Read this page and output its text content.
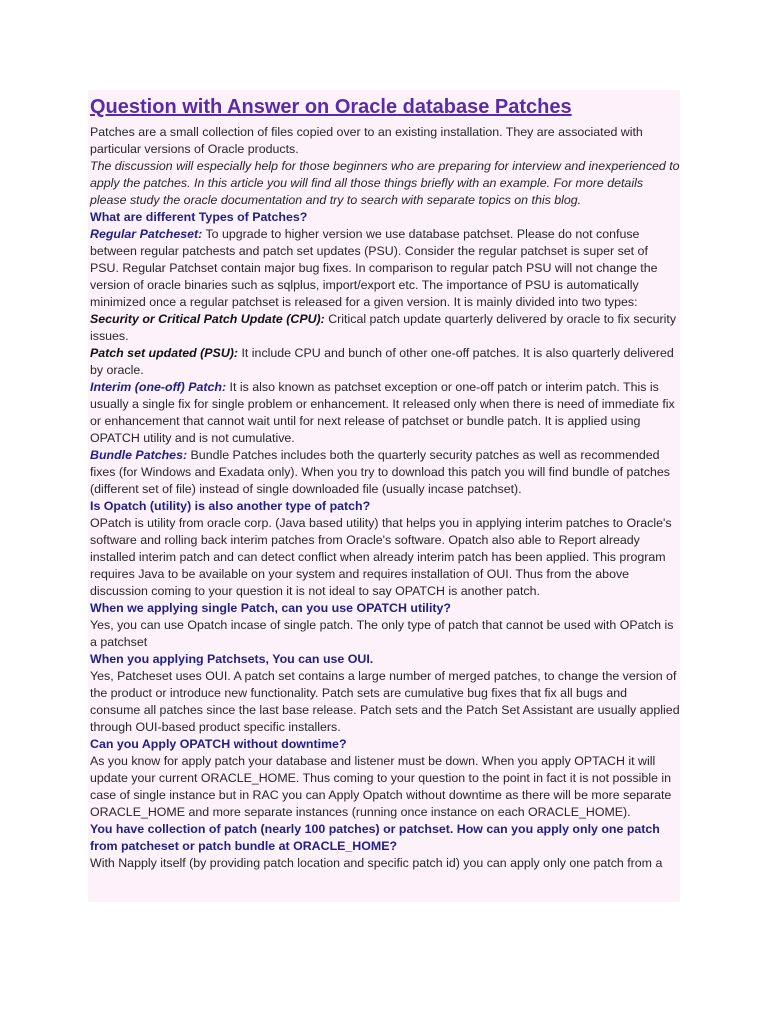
Question with Answer on Oracle database Patches

Patches are a small collection of files copied over to an existing installation. They are associated with particular versions of Oracle products.

The discussion will especially help for those beginners who are preparing for interview and inexperienced to apply the patches. In this article you will find all those things briefly with an example. For more details please study the oracle documentation and try to search with separate topics on this blog.

What are different Types of Patches?

Regular Patcheset: To upgrade to higher version we use database patchset. Please do not confuse between regular patchests and patch set updates (PSU). Consider the regular patchset is super set of PSU. Regular Patchset contain major bug fixes. In comparison to regular patch PSU will not change the version of oracle binaries such as sqlplus, import/export etc. The importance of PSU is automatically minimized once a regular patchset is released for a given version. It is mainly divided into two types:

Security or Critical Patch Update (CPU): Critical patch update quarterly delivered by oracle to fix security issues.

Patch set updated (PSU): It include CPU and bunch of other one-off patches. It is also quarterly delivered by oracle.

Interim (one-off) Patch: It is also known as patchset exception or one-off patch or interim patch. This is usually a single fix for single problem or enhancement. It released only when there is need of immediate fix or enhancement that cannot wait until for next release of patchset or bundle patch. It is applied using OPATCH utility and is not cumulative.

Bundle Patches: Bundle Patches includes both the quarterly security patches as well as recommended fixes (for Windows and Exadata only). When you try to download this patch you will find bundle of patches (different set of file) instead of single downloaded file (usually incase patchset).

Is Opatch (utility) is also another type of patch?

OPatch is utility from oracle corp. (Java based utility) that helps you in applying interim patches to Oracle's software and rolling back interim patches from Oracle's software. Opatch also able to Report already installed interim patch and can detect conflict when already interim patch has been applied. This program requires Java to be available on your system and requires installation of OUI. Thus from the above discussion coming to your question it is not ideal to say OPATCH is another patch.

When we applying single Patch, can you use OPATCH utility?

Yes, you can use Opatch incase of single patch. The only type of patch that cannot be used with OPatch is a patchset

When you applying Patchsets, You can use OUI.

Yes, Patcheset uses OUI. A patch set contains a large number of merged patches, to change the version of the product or introduce new functionality. Patch sets are cumulative bug fixes that fix all bugs and consume all patches since the last base release. Patch sets and the Patch Set Assistant are usually applied through OUI-based product specific installers.

Can you Apply OPATCH without downtime?

As you know for apply patch your database and listener must be down. When you apply OPTACH it will update your current ORACLE_HOME. Thus coming to your question to the point in fact it is not possible in case of single instance but in RAC you can Apply Opatch without downtime as there will be more separate ORACLE_HOME and more separate instances (running once instance on each ORACLE_HOME).

You have collection of patch (nearly 100 patches) or patchset. How can you apply only one patch from patcheset or patch bundle at ORACLE_HOME?

With Napply itself (by providing patch location and specific patch id) you can apply only one patch from a
